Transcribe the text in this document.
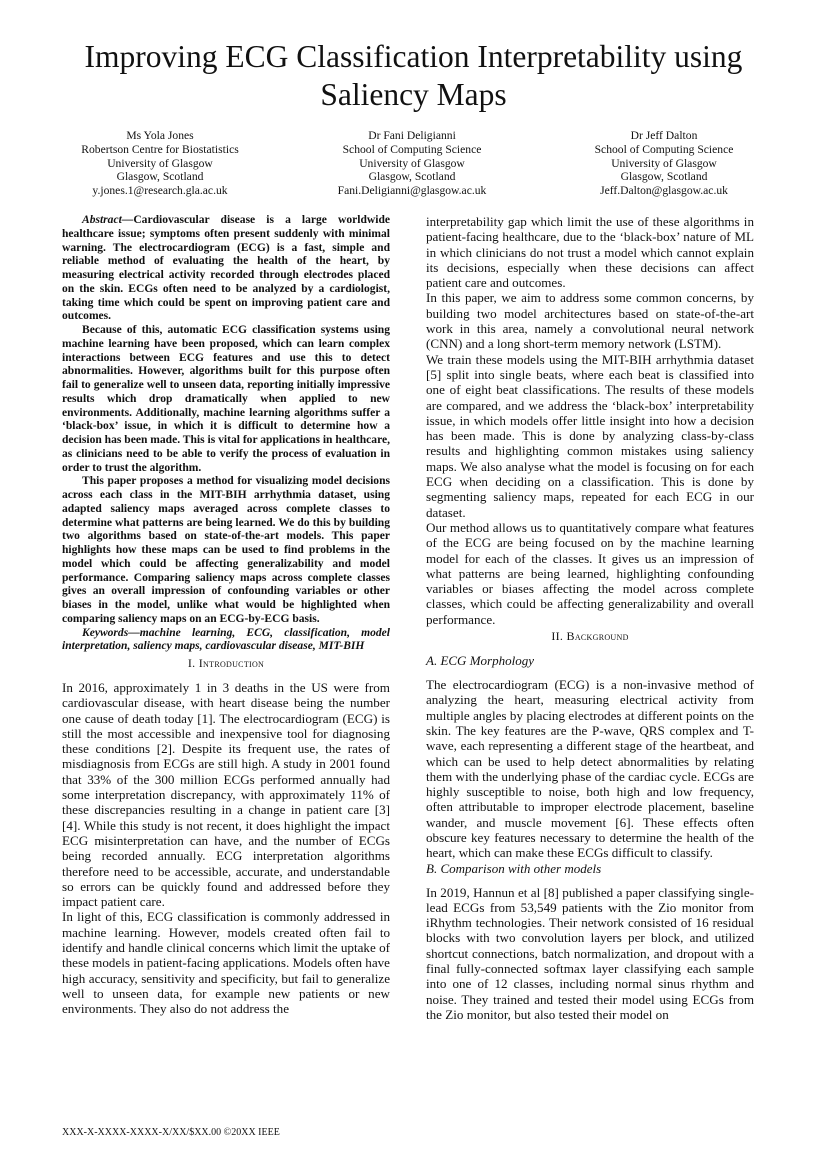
Improving ECG Classification Interpretability using Saliency Maps
Ms Yola Jones
Robertson Centre for Biostatistics
University of Glasgow
Glasgow, Scotland
y.jones.1@research.gla.ac.uk
Dr Fani Deligianni
School of Computing Science
University of Glasgow
Glasgow, Scotland
Fani.Deligianni@glasgow.ac.uk
Dr Jeff Dalton
School of Computing Science
University of Glasgow
Glasgow, Scotland
Jeff.Dalton@glasgow.ac.uk

Abstract—Cardiovascular disease is a large worldwide healthcare issue; symptoms often present suddenly with minimal warning. The electrocardiogram (ECG) is a fast, simple and reliable method of evaluating the health of the heart, by measuring electrical activity recorded through electrodes placed on the skin. ECGs often need to be analyzed by a cardiologist, taking time which could be spent on improving patient care and outcomes.

Because of this, automatic ECG classification systems using machine learning have been proposed, which can learn complex interactions between ECG features and use this to detect abnormalities. However, algorithms built for this purpose often fail to generalize well to unseen data, reporting initially impressive results which drop dramatically when applied to new environments. Additionally, machine learning algorithms suffer a ‘black-box’ issue, in which it is difficult to determine how a decision has been made. This is vital for applications in healthcare, as clinicians need to be able to verify the process of evaluation in order to trust the algorithm.

This paper proposes a method for visualizing model decisions across each class in the MIT-BIH arrhythmia dataset, using adapted saliency maps averaged across complete classes to determine what patterns are being learned. We do this by building two algorithms based on state-of-the-art models. This paper highlights how these maps can be used to find problems in the model which could be affecting generalizability and model performance. Comparing saliency maps across complete classes gives an overall impression of confounding variables or other biases in the model, unlike what would be highlighted when comparing saliency maps on an ECG-by-ECG basis.

Keywords—machine learning, ECG, classification, model interpretation, saliency maps, cardiovascular disease, MIT-BIH

I. Introduction

In 2016, approximately 1 in 3 deaths in the US were from cardiovascular disease, with heart disease being the number one cause of death today [1]. The electrocardiogram (ECG) is still the most accessible and inexpensive tool for diagnosing these conditions [2]. Despite its frequent use, the rates of misdiagnosis from ECGs are still high. A study in 2001 found that 33% of the 300 million ECGs performed annually had some interpretation discrepancy, with approximately 11% of these discrepancies resulting in a change in patient care [3] [4]. While this study is not recent, it does highlight the impact ECG misinterpretation can have, and the number of ECGs being recorded annually. ECG interpretation algorithms therefore need to be accessible, accurate, and understandable so errors can be quickly found and addressed before they impact patient care.

In light of this, ECG classification is commonly addressed in machine learning. However, models created often fail to identify and handle clinical concerns which limit the uptake of these models in patient-facing applications. Models often have high accuracy, sensitivity and specificity, but fail to generalize well to unseen data, for example new patients or new environments. They also do not address the

interpretability gap which limit the use of these algorithms in patient-facing healthcare, due to the ‘black-box’ nature of ML in which clinicians do not trust a model which cannot explain its decisions, especially when these decisions can affect patient care and outcomes.

In this paper, we aim to address some common concerns, by building two model architectures based on state-of-the-art work in this area, namely a convolutional neural network (CNN) and a long short-term memory network (LSTM).

We train these models using the MIT-BIH arrhythmia dataset [5] split into single beats, where each beat is classified into one of eight beat classifications. The results of these models are compared, and we address the ‘black-box’ interpretability issue, in which models offer little insight into how a decision has been made. This is done by analyzing class-by-class results and highlighting common mistakes using saliency maps. We also analyse what the model is focusing on for each ECG when deciding on a classification. This is done by segmenting saliency maps, repeated for each ECG in our dataset.

Our method allows us to quantitatively compare what features of the ECG are being focused on by the machine learning model for each of the classes. It gives us an impression of what patterns are being learned, highlighting confounding variables or biases affecting the model across complete classes, which could be affecting generalizability and overall performance.

II. Background
A. ECG Morphology

The electrocardiogram (ECG) is a non-invasive method of analyzing the heart, measuring electrical activity from multiple angles by placing electrodes at different points on the skin. The key features are the P-wave, QRS complex and T-wave, each representing a different stage of the heartbeat, and which can be used to help detect abnormalities by relating them with the underlying phase of the cardiac cycle. ECGs are highly susceptible to noise, both high and low frequency, often attributable to improper electrode placement, baseline wander, and muscle movement [6]. These effects often obscure key features necessary to determine the health of the heart, which can make these ECGs difficult to classify.

B. Comparison with other models

In 2019, Hannun et al [8] published a paper classifying single-lead ECGs from 53,549 patients with the Zio monitor from iRhythm technologies. Their network consisted of 16 residual blocks with two convolution layers per block, and utilized shortcut connections, batch normalization, and dropout with a final fully-connected softmax layer classifying each sample into one of 12 classes, including normal sinus rhythm and noise. They trained and tested their model using ECGs from the Zio monitor, but also tested their model on

XXX-X-XXXX-XXXX-X/XX/$XX.00 ©20XX IEEE
